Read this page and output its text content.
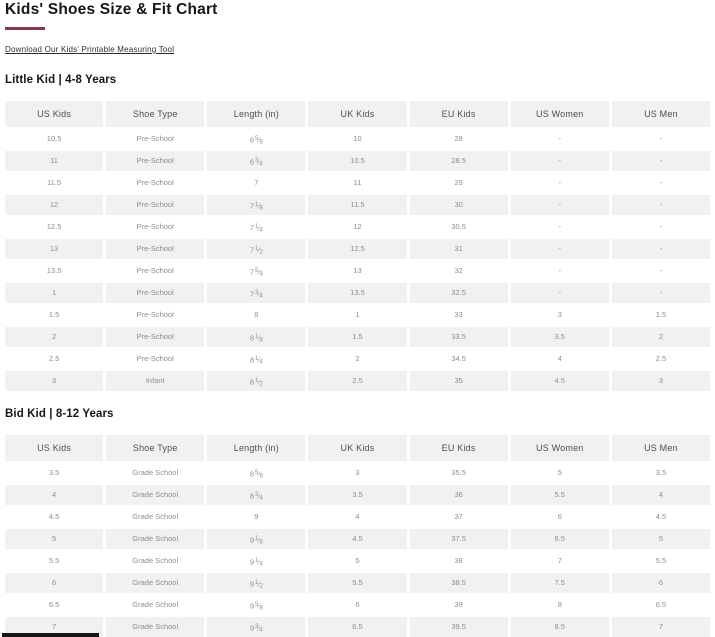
Kids' Shoes Size & Fit Chart
Download Our Kids' Printable Measuring Tool
Little Kid | 4-8 Years
US Kids	Shoe Type	Length (in)	UK Kids	EU Kids	US Women	US Men
10.5	Pre-School	6$^5$⁄8	10	28	-	-
11	Pre-School	6$^3$⁄4	10.5	28.5	-	-
11.5	Pre-School	7	11	29	-	-
12	Pre-School	7$^1$⁄8	11.5	30	-	-
12.5	Pre-School	7$^1$⁄4	12	30.5	-	-
13	Pre-School	7$^1$⁄2	12.5	31	-	-
13.5	Pre-School	7$^5$⁄8	13	32	-	-
1	Pre-School	7$^3$⁄4	13.5	32.5	-	-
1.5	Pre-School	8	1	33	3	1.5
2	Pre-School	8$^1$⁄8	1.5	33.5	3.5	2
2.5	Pre-School	8$^1$⁄4	2	34.5	4	2.5
3	Infant	8$^1$⁄2	2.5	35	4.5	3
Bid Kid | 8-12 Years
US Kids	Shoe Type	Length (in)	UK Kids	EU Kids	US Women	US Men
3.5	Grade School	8$^5$⁄8	3	35.5	5	3.5
4	Grade School	8$^3$⁄4	3.5	36	5.5	4
4.5	Grade School	9	4	37	6	4.5
5	Grade School	9$^1$⁄8	4.5	37.5	6.5	5
5.5	Grade School	9$^1$⁄4	5	38	7	5.5
6	Grade School	9$^1$⁄2	5.5	38.5	7.5	6
6.5	Grade School	9$^5$⁄8	6	39	8	6.5
7	Grade School	9$^3$⁄4	6.5	39.5	8.5	7
